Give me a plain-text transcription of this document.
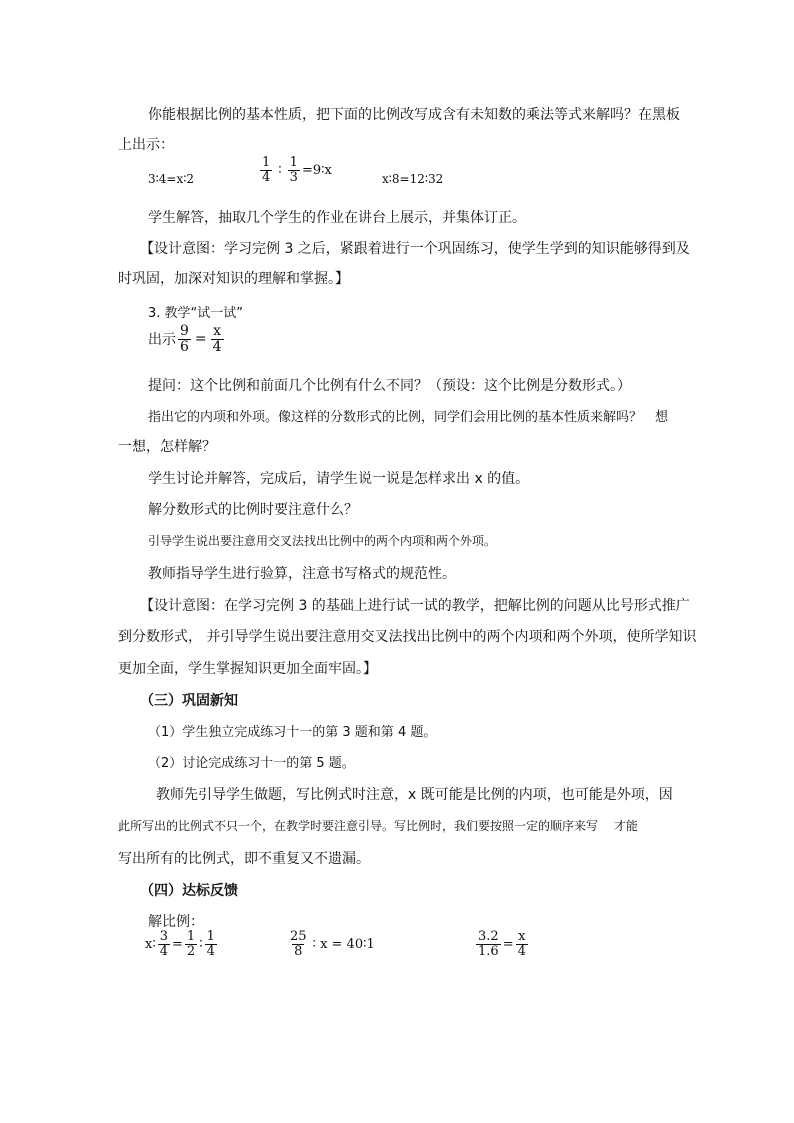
你能根据比例的基本性质，把下面的比例改写成含有未知数的乘法等式来解吗？在黑板
上出示：
3∶4=x∶2	$\frac{1}{4}$ ∶ $\frac{1}{3}$ =9∶x
x∶8=12∶32
学生解答，抽取几个学生的作业在讲台上展示，并集体订正。
【设计意图：学习完例 3 之后，紧跟着进行一个巩固练习，使学生学到的知识能够得到及
时巩固，加深对知识的理解和掌握。】
3. 教学“试一试”
出示 $\frac{9}{6} = \frac{x}{4}$
提问：这个比例和前面几个比例有什么不同？（预设：这个比例是分数形式。）
指出它的内项和外项。像这样的分数形式的比例，同学们会用比例的基本性质来解吗？　想
一想，怎样解？
学生讨论并解答，完成后，请学生说一说是怎样求出 x 的值。
解分数形式的比例时要注意什么？
引导学生说出要注意用交叉法找出比例中的两个内项和两个外项。
教师指导学生进行验算，注意书写格式的规范性。
【设计意图：在学习完例 3 的基础上进行试一试的教学，把解比例的问题从比号形式推广
到分数形式， 并引导学生说出要注意用交叉法找出比例中的两个内项和两个外项，使所学知识
更加全面，学生掌握知识更加全面牢固。】
（三）巩固新知
（1）学生独立完成练习十一的第 3 题和第 4 题。
（2）讨论完成练习十一的第 5 题。
教师先引导学生做题，写比例式时注意，x 既可能是比例的内项，也可能是外项，因
此所写出的比例式不只一个，在教学时要注意引导。写比例时，我们要按照一定的顺序来写　 才能
写出所有的比例式，即不重复又不遗漏。
（四）达标反馈
解比例：
x∶ $\frac{3}{4} = \frac{1}{2}$ ∶ $\frac{1}{4}$	$\frac{25}{8}$ ∶ x = 40∶1	$\frac{3.2}{1.6} = \frac{x}{4}$
